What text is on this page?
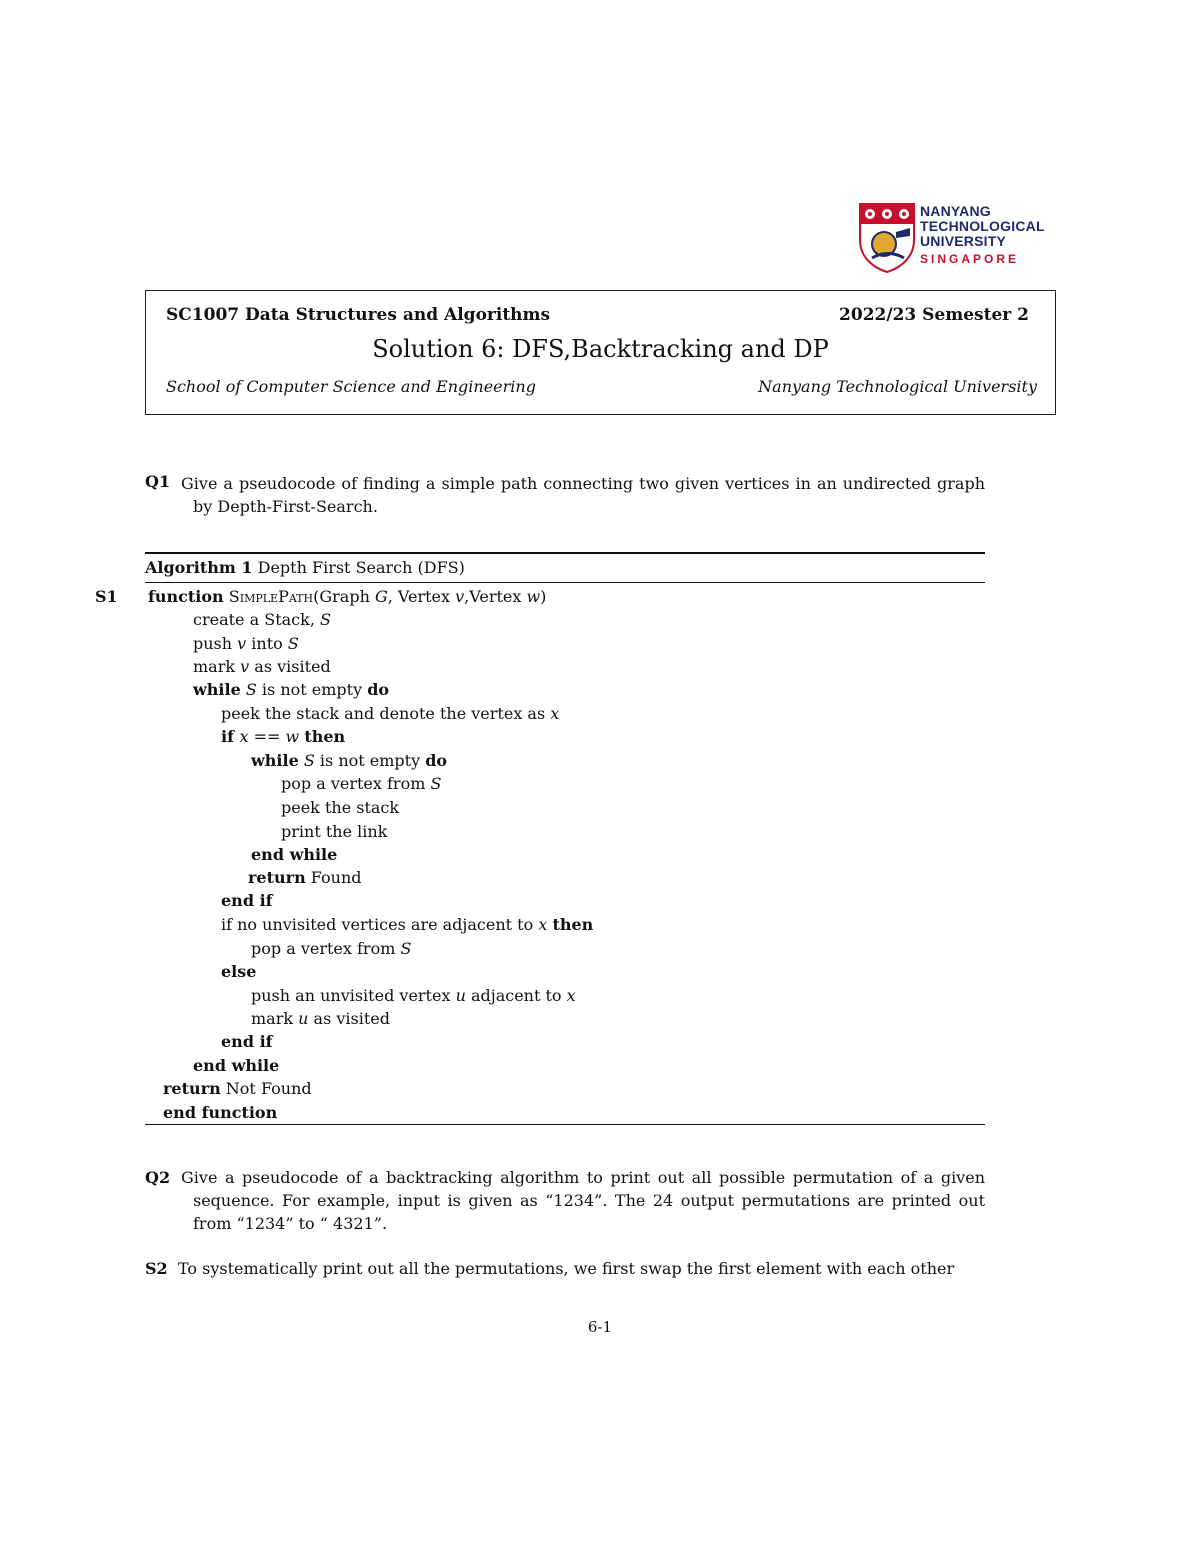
NANYANG
TECHNOLOGICAL
UNIVERSITY
SINGAPORE
SC1007 Data Structures and Algorithms	2022/23 Semester 2
Solution 6: DFS,Backtracking and DP
School of Computer Science and Engineering	Nanyang Technological University
Q1 Give a pseudocode of finding a simple path connecting two given vertices in an undirected graph by Depth-First-Search.
Algorithm 1 Depth First Search (DFS)
S1 function SimplePath(Graph G, Vertex v,Vertex w)
create a Stack, S
push v into S
mark v as visited
while S is not empty do
peek the stack and denote the vertex as x
if x == w then
while S is not empty do
pop a vertex from S
peek the stack
print the link
end while
return Found
end if
if no unvisited vertices are adjacent to x then
pop a vertex from S
else
push an unvisited vertex u adjacent to x
mark u as visited
end if
end while
return Not Found
end function
Q2 Give a pseudocode of a backtracking algorithm to print out all possible permutation of a given sequence. For example, input is given as “1234”. The 24 output permutations are printed out from “1234” to “ 4321”.
S2 To systematically print out all the permutations, we first swap the first element with each other
6-1
